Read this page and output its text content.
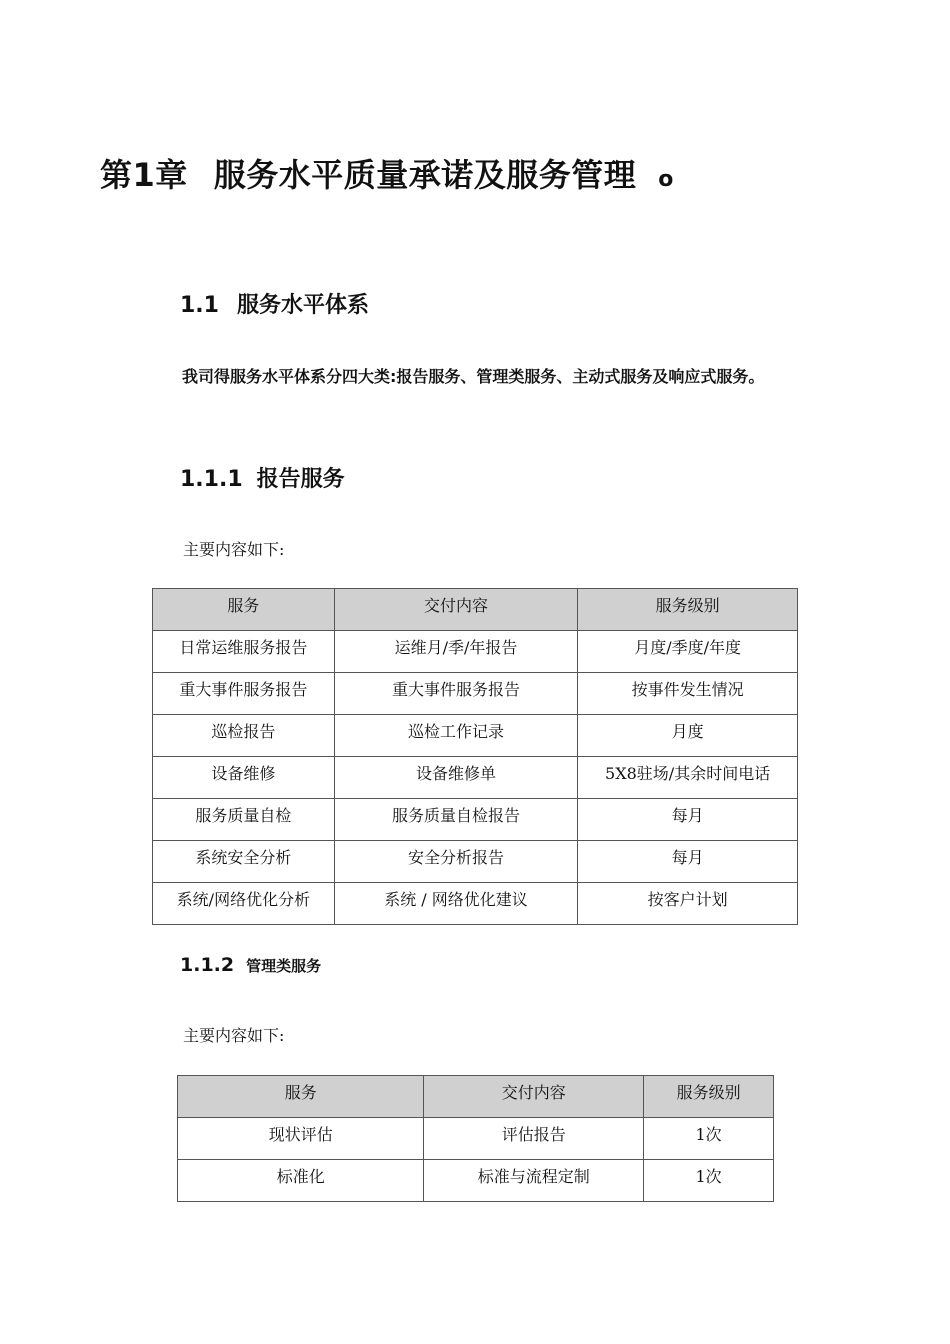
第1章 服务水平质量承诺及服务管理 o
1.1 服务水平体系
我司得服务水平体系分四大类:报告服务、管理类服务、主动式服务及响应式服务。
1.1.1 报告服务
主要内容如下:
服务	交付内容	服务级别
日常运维服务报告	运维月/季/年报告	月度/季度/年度
重大事件服务报告	重大事件服务报告	按事件发生情况
巡检报告	巡检工作记录	月度
设备维修	设备维修单	5X8驻场/其余时间电话
服务质量自检	服务质量自检报告	每月
系统安全分析	安全分析报告	每月
系统/网络优化分析	系统 / 网络优化建议	按客户计划
1.1.2 管理类服务
主要内容如下:
服务	交付内容	服务级别
现状评估	评估报告	1次
标准化	标准与流程定制	1次
